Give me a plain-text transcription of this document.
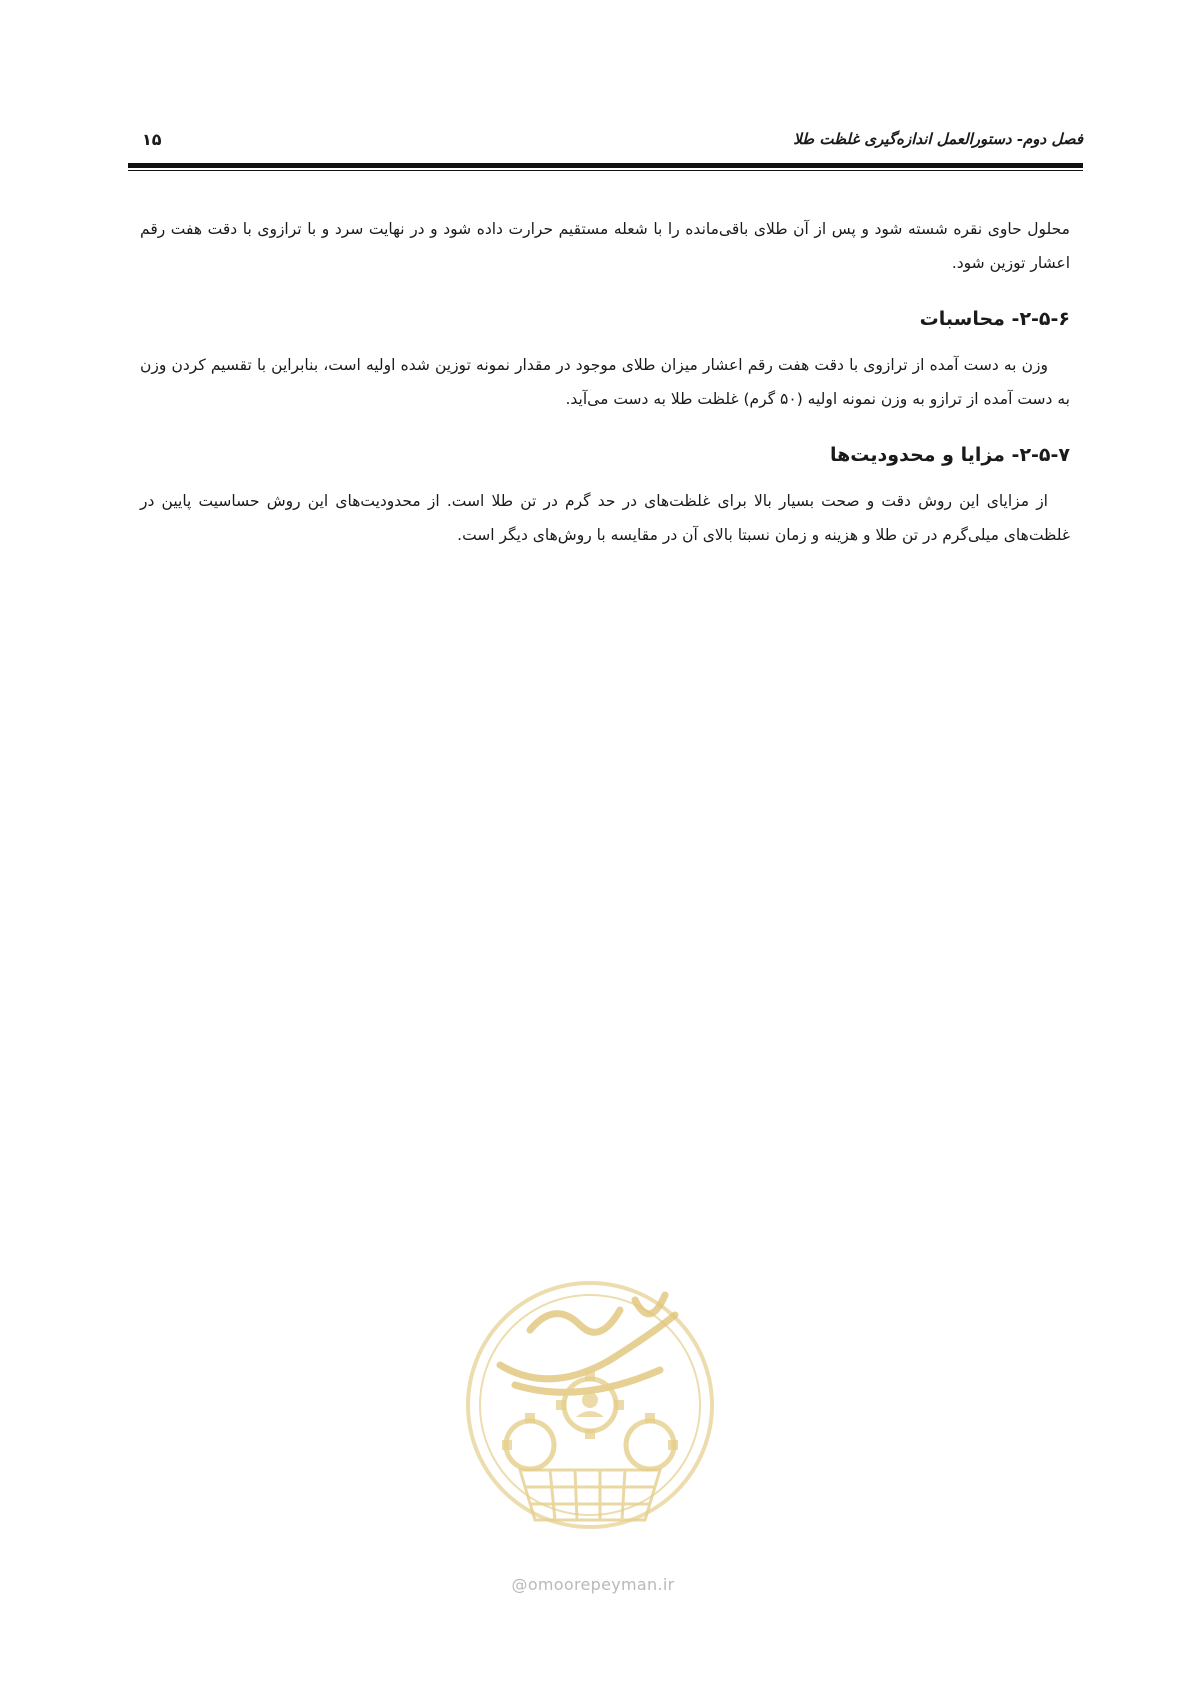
فصل دوم- دستورالعمل اندازه‌گیری غلظت طلا
۱۵

محلول حاوی نقره شسته شود و پس از آن طلای باقی‌مانده را با شعله مستقیم حرارت داده شود و در نهایت سرد و با ترازوی با دقت هفت رقم اعشار توزین شود.

۲-۵-۶- محاسبات

وزن به دست آمده از ترازوی با دقت هفت رقم اعشار میزان طلای موجود در مقدار نمونه توزین شده اولیه است، بنابراین با تقسیم کردن وزن به دست آمده از ترازو به وزن نمونه اولیه (۵۰ گرم) غلظت طلا به دست می‌آید.

۲-۵-۷- مزایا و محدودیت‌ها

از مزایای این روش دقت و صحت بسیار بالا برای غلظت‌های در حد گرم در تن طلا است. از محدودیت‌های این روش حساسیت پایین در غلظت‌های میلی‌گرم در تن طلا و هزینه و زمان نسبتا بالای آن در مقایسه با روش‌های دیگر است.

@omoorepeyman.ir
